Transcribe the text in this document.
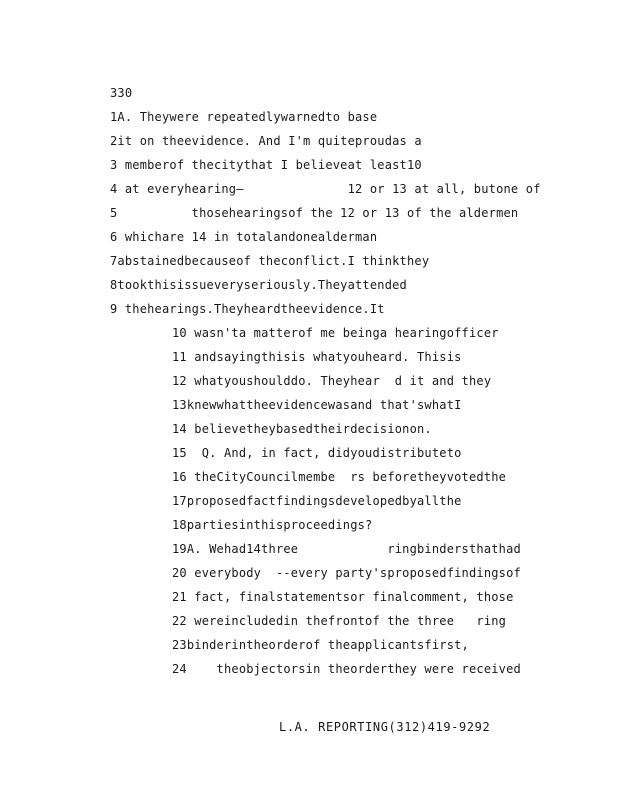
330
1A. Theywere repeatedlywarnedto base
2it on theevidence. And I'm quiteproudas a
3 memberof thecitythat I believeat least10
4 at everyhearing—              12 or 13 at all, butone of
5          thosehearingsof the 12 or 13 of the aldermen
6 whichare 14 in totalandonealderman
7abstainedbecauseof theconflict.I thinkthey
8tookthisissueveryseriously.Theyattended
9 thehearings.Theyheardtheevidence.It
10 wasn'ta matterof me beinga hearingofficer
11 andsayingthisis whatyouheard. Thisis
12 whatyoushoulddo. Theyhear  d it and they
13knewwhattheevidencewasand that'swhatI
14 believetheybasedtheirdecisionon.
15  Q. And, in fact, didyoudistributeto
16 theCityCouncilmembe  rs beforetheyvotedthe
17proposedfactfindingsdevelopedbyallthe
18partiesinthisproceedings?
19A. Wehad14three            ringbindersthathad
20 everybody  --every party'sproposedfindingsof
21 fact, finalstatementsor finalcomment, those
22 wereincludedin thefrontof the three   ring
23binderintheorderof theapplicantsfirst,
24    theobjectorsin theorderthey were received
L.A. REPORTING(312)419-9292
